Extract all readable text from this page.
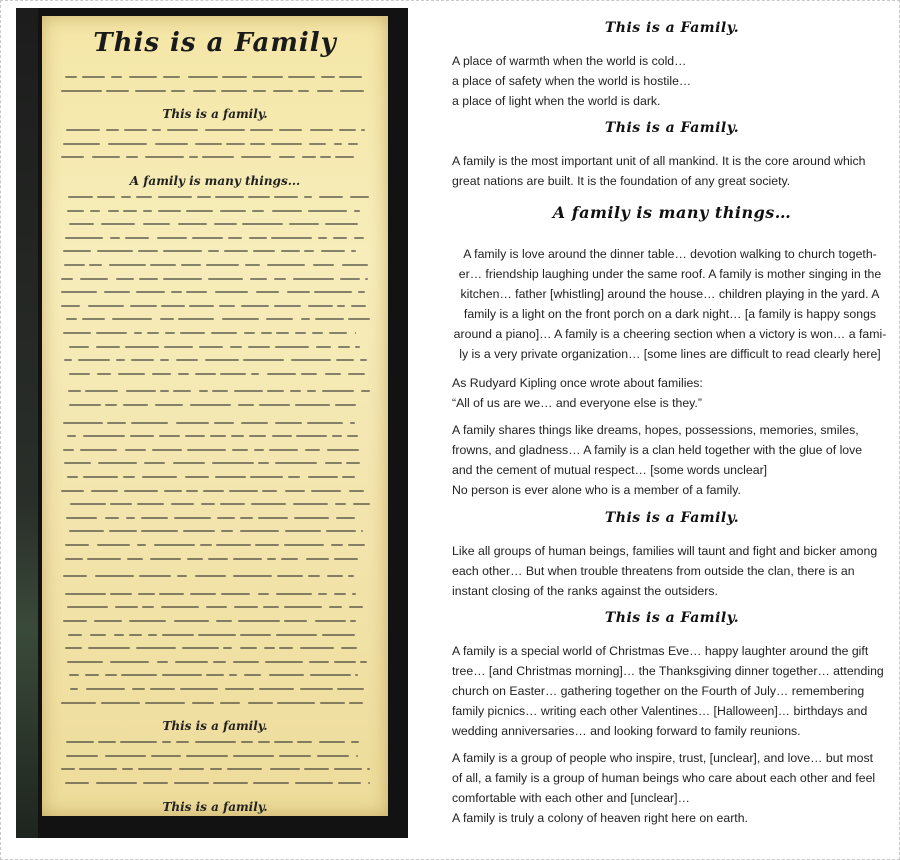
This is a Family
This is a family.
A family is many things...
This is a family.
This is a family.
This is a Family.
A place of warmth when the world is cold…
a place of safety when the world is hostile…
a place of light when the world is dark.
This is a Family.
A family is the most important unit of all mankind. It is the core around which
great nations are built. It is the foundation of any great society.
A family is many things…
A family is love around the dinner table… devotion walking to church togeth-
er… friendship laughing under the same roof. A family is mother singing in the
kitchen… father [whistling] around the house… children playing in the yard. A
family is a light on the front porch on a dark night… [a family is happy songs
around a piano]… A family is a cheering section when a victory is won… a fami-
ly is a very private organization… [some lines are difficult to read clearly here]
As Rudyard Kipling once wrote about families:
“All of us are we… and everyone else is they.”
A family shares things like dreams, hopes, possessions, memories, smiles,
frowns, and gladness… A family is a clan held together with the glue of love
and the cement of mutual respect… [some words unclear]
No person is ever alone who is a member of a family.
This is a Family.
Like all groups of human beings, families will taunt and fight and bicker among
each other… But when trouble threatens from outside the clan, there is an
instant closing of the ranks against the outsiders.
This is a Family.
A family is a special world of Christmas Eve… happy laughter around the gift
tree… [and Christmas morning]… the Thanksgiving dinner together… attending
church on Easter… gathering together on the Fourth of July… remembering
family picnics… writing each other Valentines… [Halloween]… birthdays and
wedding anniversaries… and looking forward to family reunions.
A family is a group of people who inspire, trust, [unclear], and love… but most
of all, a family is a group of human beings who care about each other and feel
comfortable with each other and [unclear]…
A family is truly a colony of heaven right here on earth.
